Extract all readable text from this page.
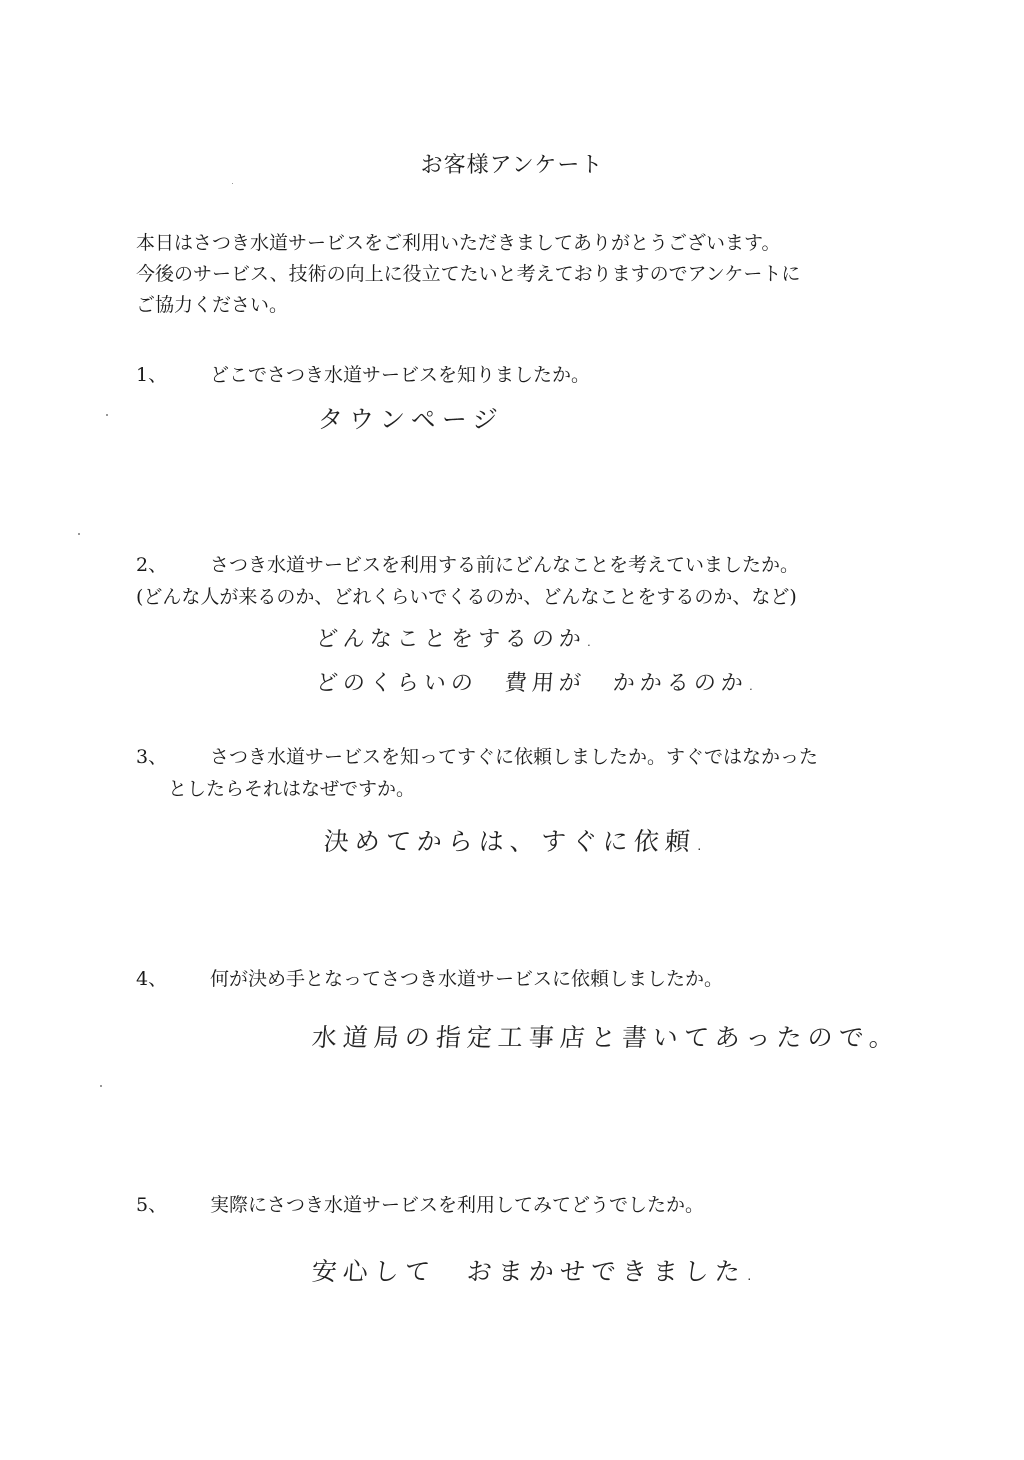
お客様アンケート
本日はさつき水道サービスをご利用いただきましてありがとうございます。
今後のサービス、技術の向上に役立てたいと考えておりますのでアンケートに
ご協力ください。
1、 どこでさつき水道サービスを知りましたか。
タウンページ
2、 さつき水道サービスを利用する前にどんなことを考えていましたか。
(どんな人が来るのか、どれくらいでくるのか、どんなことをするのか、など)
どんなことをするのか.
どのくらいの　費用が　かかるのか.
3、 さつき水道サービスを知ってすぐに依頼しましたか。すぐではなかった
としたらそれはなぜですか。
決めてからは、すぐに依頼.
4、 何が決め手となってさつき水道サービスに依頼しましたか。
水道局の指定工事店と書いてあったので。
5、 実際にさつき水道サービスを利用してみてどうでしたか。
安心して　おまかせできました.
